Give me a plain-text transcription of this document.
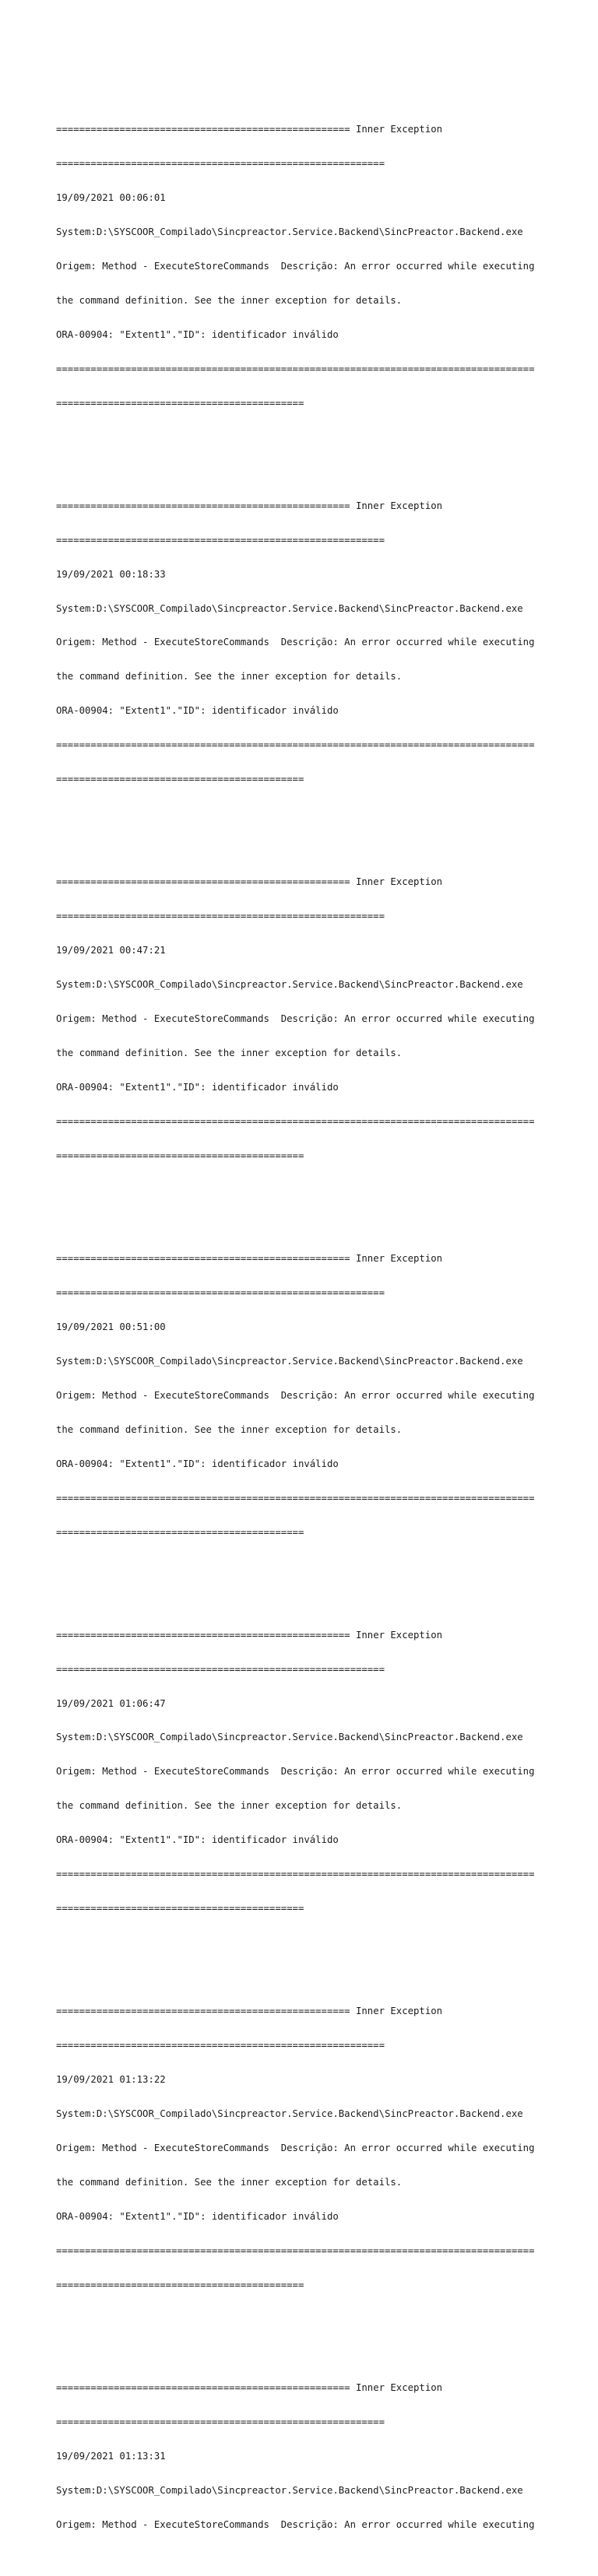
=================================================== Inner Exception

=========================================================

19/09/2021 00:06:01

System:D:\SYSCOOR_Compilado\Sincpreactor.Service.Backend\SincPreactor.Backend.exe

Origem: Method - ExecuteStoreCommands  Descrição: An error occurred while executing

the command definition. See the inner exception for details.

ORA-00904: "Extent1"."ID": identificador inválido

===================================================================================

===========================================

=================================================== Inner Exception

=========================================================

19/09/2021 00:18:33

System:D:\SYSCOOR_Compilado\Sincpreactor.Service.Backend\SincPreactor.Backend.exe

Origem: Method - ExecuteStoreCommands  Descrição: An error occurred while executing

the command definition. See the inner exception for details.

ORA-00904: "Extent1"."ID": identificador inválido

===================================================================================

===========================================

=================================================== Inner Exception

=========================================================

19/09/2021 00:47:21

System:D:\SYSCOOR_Compilado\Sincpreactor.Service.Backend\SincPreactor.Backend.exe

Origem: Method - ExecuteStoreCommands  Descrição: An error occurred while executing

the command definition. See the inner exception for details.

ORA-00904: "Extent1"."ID": identificador inválido

===================================================================================

===========================================

=================================================== Inner Exception

=========================================================

19/09/2021 00:51:00

System:D:\SYSCOOR_Compilado\Sincpreactor.Service.Backend\SincPreactor.Backend.exe

Origem: Method - ExecuteStoreCommands  Descrição: An error occurred while executing

the command definition. See the inner exception for details.

ORA-00904: "Extent1"."ID": identificador inválido

===================================================================================

===========================================

=================================================== Inner Exception

=========================================================

19/09/2021 01:06:47

System:D:\SYSCOOR_Compilado\Sincpreactor.Service.Backend\SincPreactor.Backend.exe

Origem: Method - ExecuteStoreCommands  Descrição: An error occurred while executing

the command definition. See the inner exception for details.

ORA-00904: "Extent1"."ID": identificador inválido

===================================================================================

===========================================

=================================================== Inner Exception

=========================================================

19/09/2021 01:13:22

System:D:\SYSCOOR_Compilado\Sincpreactor.Service.Backend\SincPreactor.Backend.exe

Origem: Method - ExecuteStoreCommands  Descrição: An error occurred while executing

the command definition. See the inner exception for details.

ORA-00904: "Extent1"."ID": identificador inválido

===================================================================================

===========================================

=================================================== Inner Exception

=========================================================

19/09/2021 01:13:31

System:D:\SYSCOOR_Compilado\Sincpreactor.Service.Backend\SincPreactor.Backend.exe

Origem: Method - ExecuteStoreCommands  Descrição: An error occurred while executing
